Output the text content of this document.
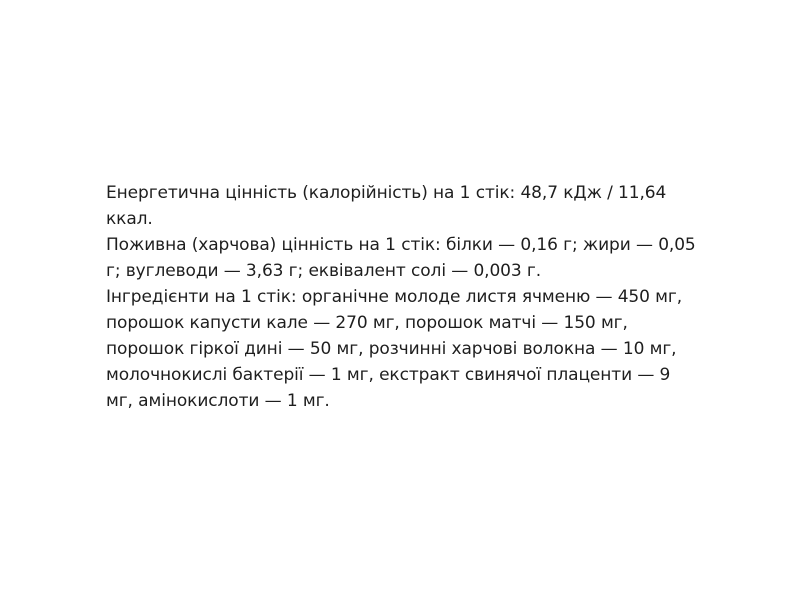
Енергетична цінність (калорійність) на 1 стік: 48,7 кДж / 11,64
ккал.
Поживна (харчова) цінність на 1 стік: білки — 0,16 г; жири — 0,05
г; вуглеводи — 3,63 г; еквівалент солі — 0,003 г.
Інгредієнти на 1 стік: органічне молоде листя ячменю — 450 мг,
порошок капусти кале — 270 мг, порошок матчі — 150 мг,
порошок гіркої дині — 50 мг, розчинні харчові волокна — 10 мг,
молочнокислі бактерії — 1 мг, екстракт свинячої плаценти — 9
мг, амінокислоти — 1 мг.
